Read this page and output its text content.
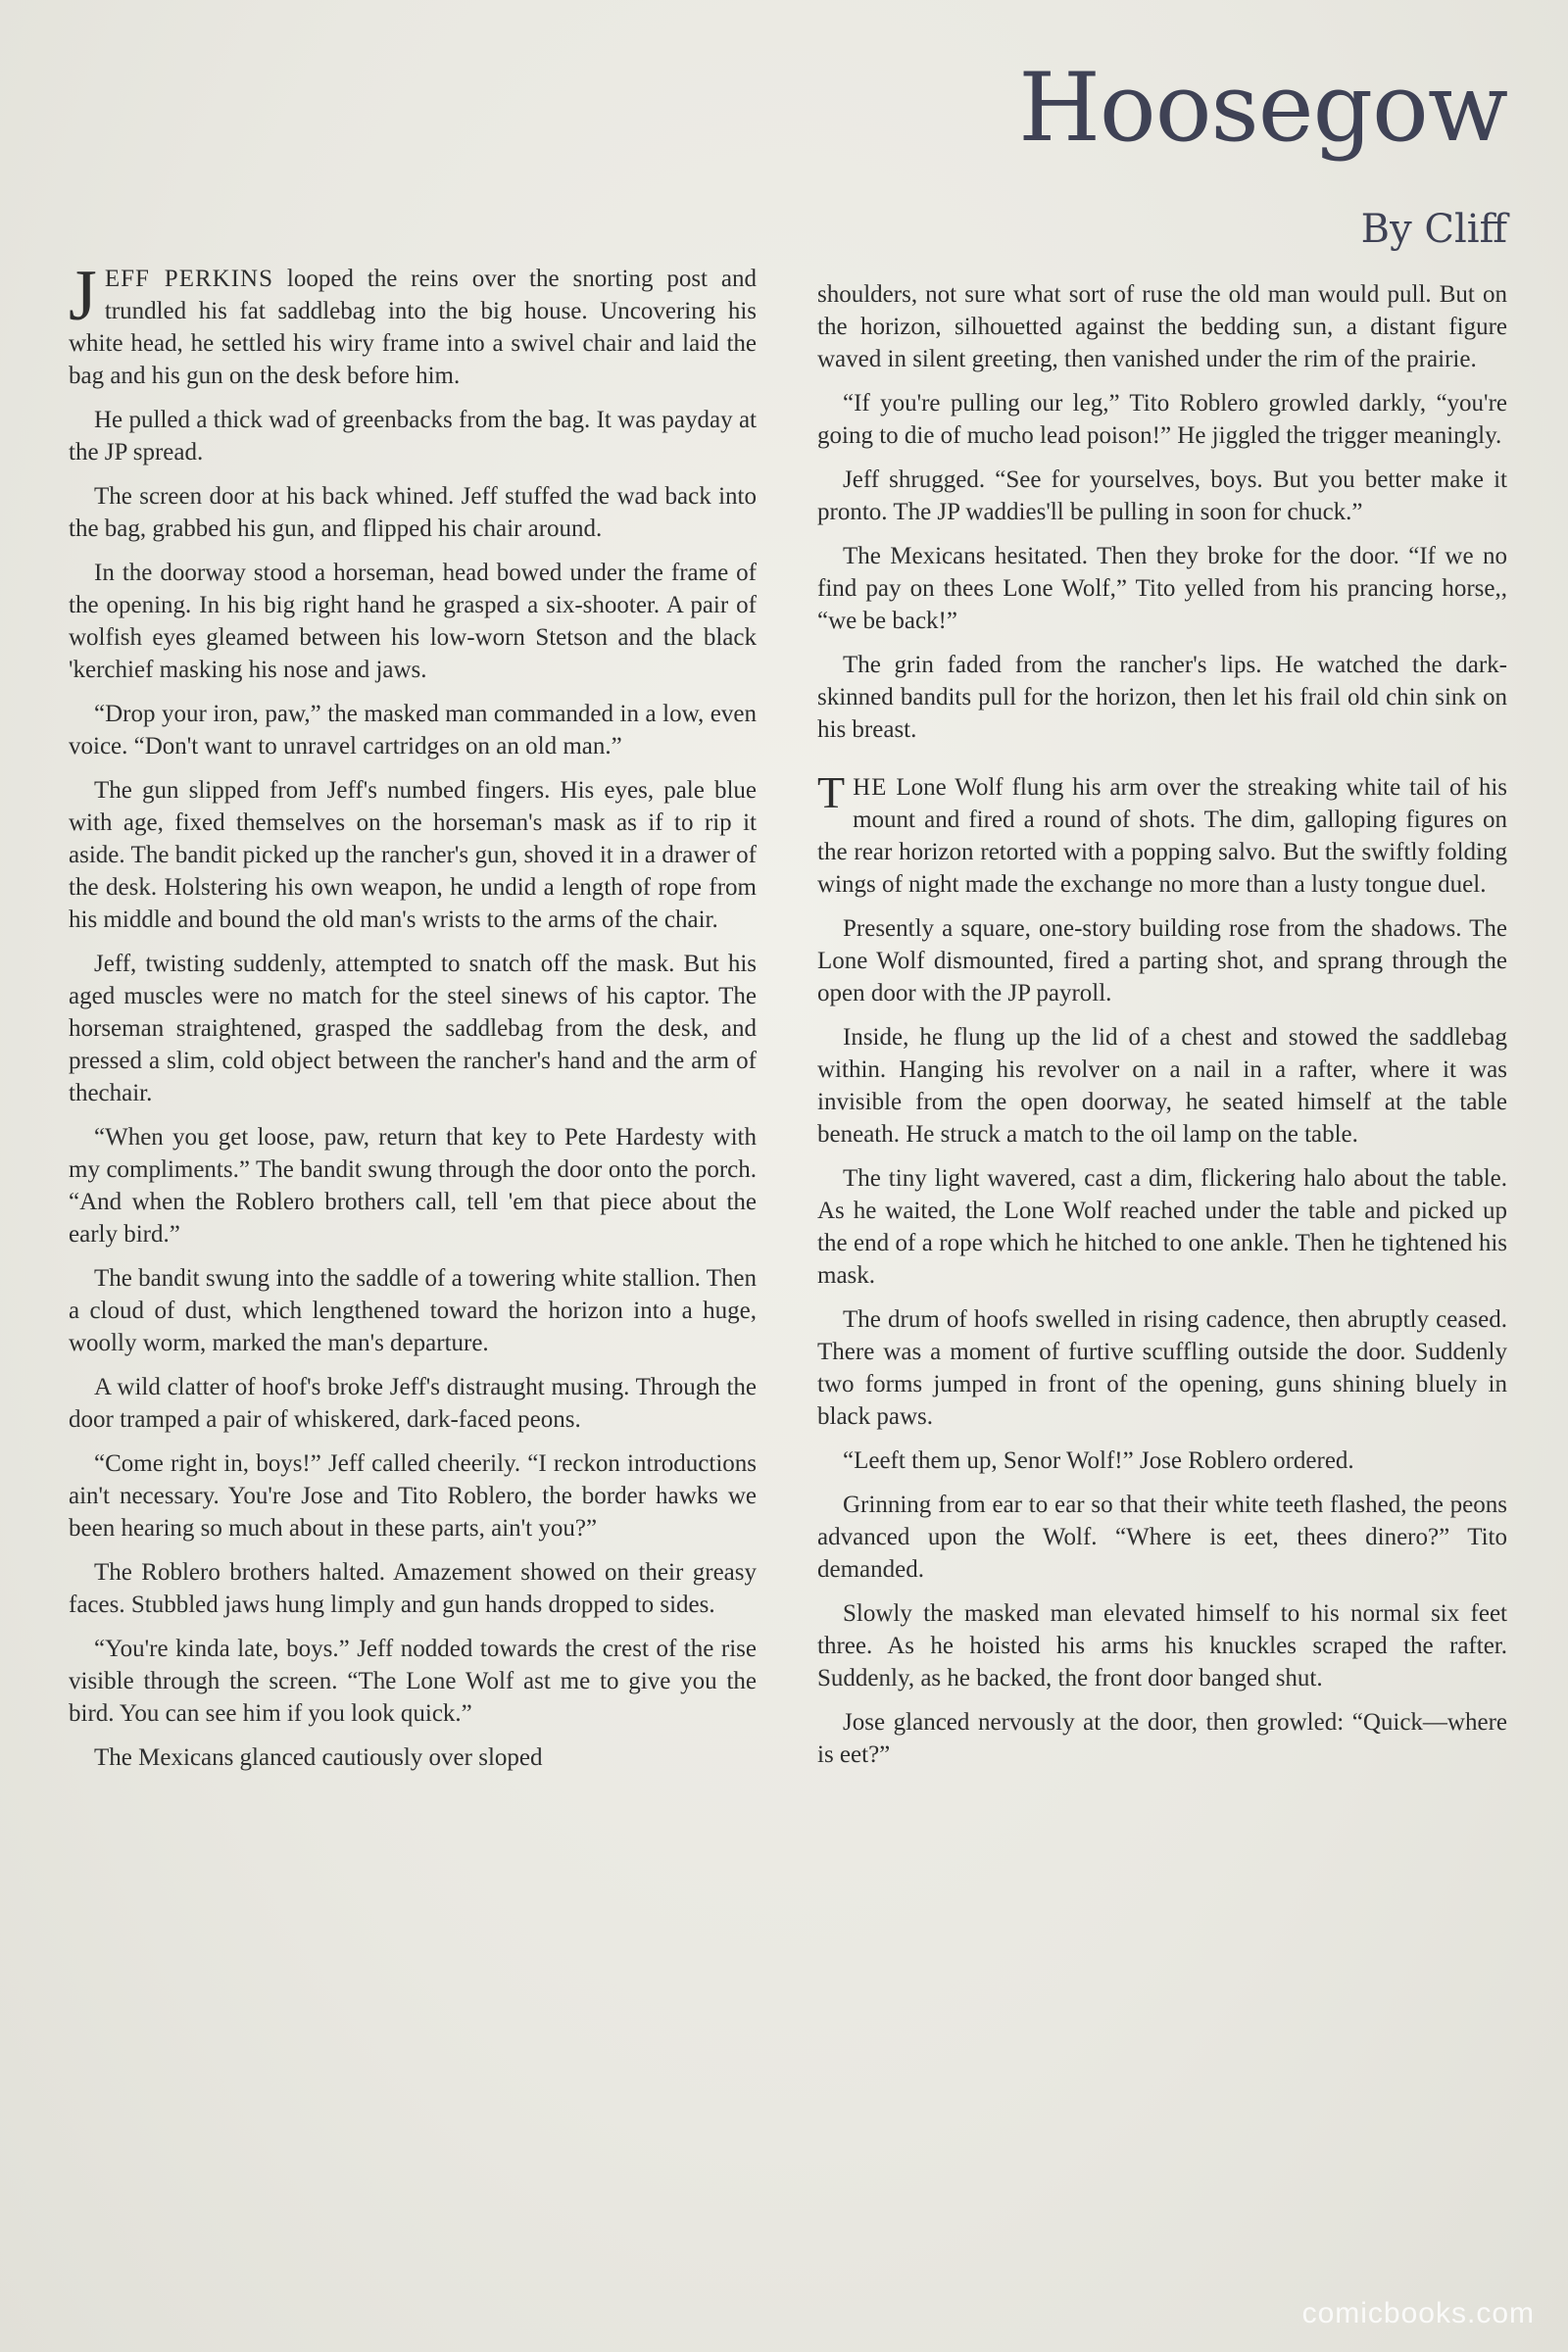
Hoosegow
By Cliff

JEFF PERKINS looped the reins over the snorting post and trundled his fat saddlebag into the big house. Uncovering his white head, he settled his wiry frame into a swivel chair and laid the bag and his gun on the desk before him.

He pulled a thick wad of greenbacks from the bag. It was payday at the JP spread.

The screen door at his back whined. Jeff stuffed the wad back into the bag, grabbed his gun, and flipped his chair around.

In the doorway stood a horseman, head bowed under the frame of the opening. In his big right hand he grasped a six-shooter. A pair of wolfish eyes gleamed between his low-worn Stetson and the black 'kerchief masking his nose and jaws.

“Drop your iron, paw,” the masked man commanded in a low, even voice. “Don't want to unravel cartridges on an old man.”

The gun slipped from Jeff's numbed fingers. His eyes, pale blue with age, fixed themselves on the horseman's mask as if to rip it aside. The bandit picked up the rancher's gun, shoved it in a drawer of the desk. Holstering his own weapon, he undid a length of rope from his middle and bound the old man's wrists to the arms of the chair.

Jeff, twisting suddenly, attempted to snatch off the mask. But his aged muscles were no match for the steel sinews of his captor. The horseman straightened, grasped the saddlebag from the desk, and pressed a slim, cold object between the rancher's hand and the arm of thechair.

“When you get loose, paw, return that key to Pete Hardesty with my compliments.” The bandit swung through the door onto the porch. “And when the Roblero brothers call, tell 'em that piece about the early bird.”

The bandit swung into the saddle of a towering white stallion. Then a cloud of dust, which lengthened toward the horizon into a huge, woolly worm, marked the man's departure.

A wild clatter of hoof's broke Jeff's distraught musing. Through the door tramped a pair of whiskered, dark-faced peons.

“Come right in, boys!” Jeff called cheerily. “I reckon introductions ain't necessary. You're Jose and Tito Roblero, the border hawks we been hearing so much about in these parts, ain't you?”

The Roblero brothers halted. Amazement showed on their greasy faces. Stubbled jaws hung limply and gun hands dropped to sides.

“You're kinda late, boys.” Jeff nodded towards the crest of the rise visible through the screen. “The Lone Wolf ast me to give you the bird. You can see him if you look quick.”

The Mexicans glanced cautiously over sloped

shoulders, not sure what sort of ruse the old man would pull. But on the horizon, silhouetted against the bedding sun, a distant figure waved in silent greeting, then vanished under the rim of the prairie.

“If you're pulling our leg,” Tito Roblero growled darkly, “you're going to die of mucho lead poison!” He jiggled the trigger meaningly.

Jeff shrugged. “See for yourselves, boys. But you better make it pronto. The JP waddies'll be pulling in soon for chuck.”

The Mexicans hesitated. Then they broke for the door. “If we no find pay on thees Lone Wolf,” Tito yelled from his prancing horse,, “we be back!”

The grin faded from the rancher's lips. He watched the dark-skinned bandits pull for the horizon, then let his frail old chin sink on his breast.

THE Lone Wolf flung his arm over the streaking white tail of his mount and fired a round of shots. The dim, galloping figures on the rear horizon retorted with a popping salvo. But the swiftly folding wings of night made the exchange no more than a lusty tongue duel.

Presently a square, one-story building rose from the shadows. The Lone Wolf dismounted, fired a parting shot, and sprang through the open door with the JP payroll.

Inside, he flung up the lid of a chest and stowed the saddlebag within. Hanging his revolver on a nail in a rafter, where it was invisible from the open doorway, he seated himself at the table beneath. He struck a match to the oil lamp on the table.

The tiny light wavered, cast a dim, flickering halo about the table. As he waited, the Lone Wolf reached under the table and picked up the end of a rope which he hitched to one ankle. Then he tightened his mask.

The drum of hoofs swelled in rising cadence, then abruptly ceased. There was a moment of furtive scuffling outside the door. Suddenly two forms jumped in front of the opening, guns shining bluely in black paws.

“Leeft them up, Senor Wolf!” Jose Roblero ordered.

Grinning from ear to ear so that their white teeth flashed, the peons advanced upon the Wolf. “Where is eet, thees dinero?” Tito demanded.

Slowly the masked man elevated himself to his normal six feet three. As he hoisted his arms his knuckles scraped the rafter. Suddenly, as he backed, the front door banged shut.

Jose glanced nervously at the door, then growled: “Quick—where is eet?”

comicbooks.com
